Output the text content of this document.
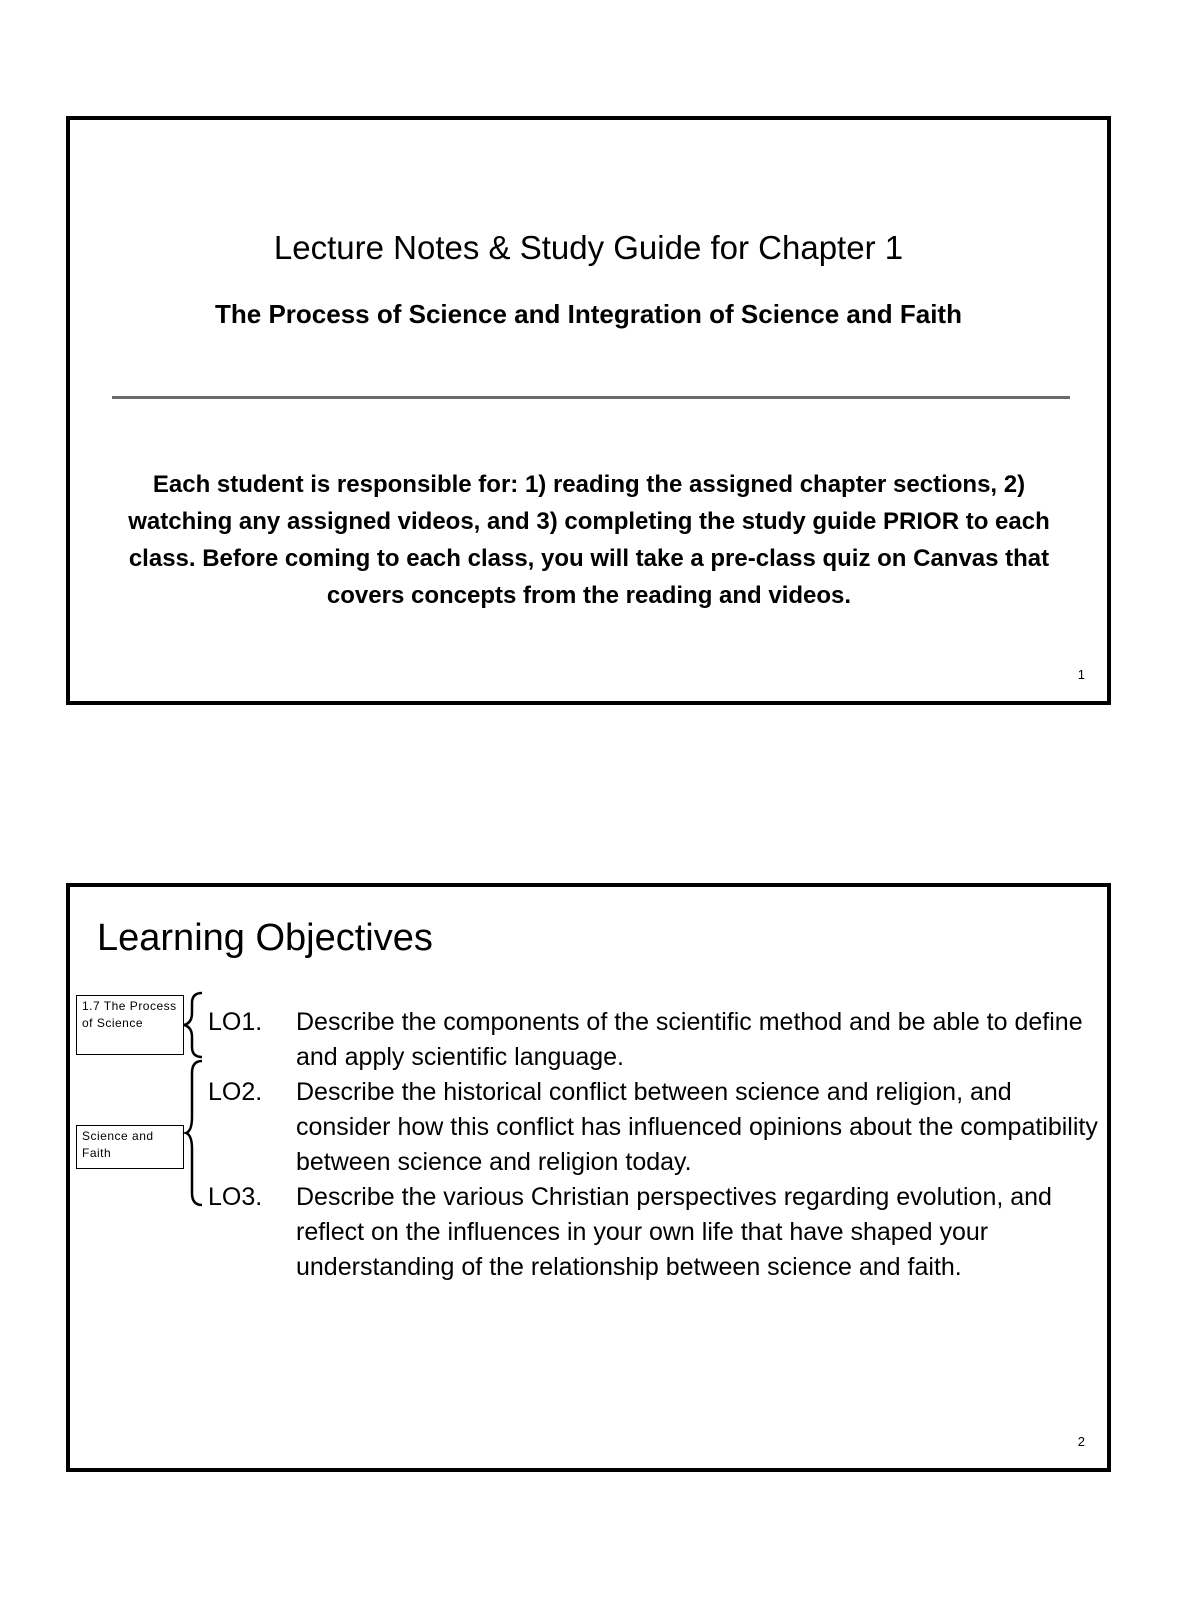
Lecture Notes & Study Guide for Chapter 1
The Process of Science and Integration of Science and Faith
Each student is responsible for: 1) reading the assigned chapter sections, 2) watching any assigned videos, and 3) completing the study guide PRIOR to each class. Before coming to each class, you will take a pre-class quiz on Canvas that covers concepts from the reading and videos.
1
Learning Objectives
1.7 The Process of Science
Science and Faith
LO1.	Describe the components of the scientific method and be able to define and apply scientific language.
LO2.	Describe the historical conflict between science and religion, and consider how this conflict has influenced opinions about the compatibility between science and religion today.
LO3.	Describe the various Christian perspectives regarding evolution, and reflect on the influences in your own life that have shaped your understanding of the relationship between science and faith.
2
